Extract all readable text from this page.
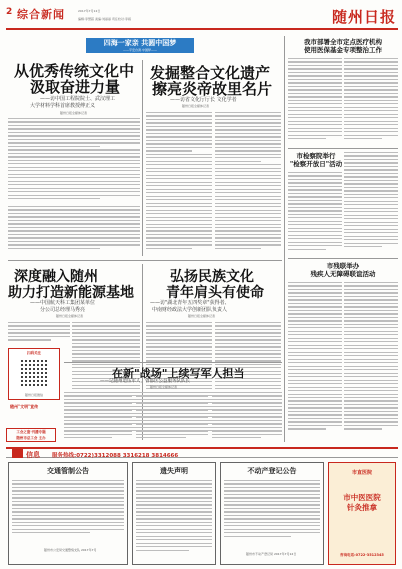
2 综合新闻	2017年7月12日
编辑:李慧超 美编:刘丽丽 责任校对:李娟	随州日报
四海一家亲 共圆中国梦
——平安台湾·中国梦——
从优秀传统文化中
汲取奋进力量
——访中国工程院院士、武汉理工
大学材料学科首席教授傅正义
随州日报全媒体记者
发掘整合文化遗产
擦亮炎帝故里名片
——访省文化厅厅长 文化学者
随州日报全媒体记者
我市部署全市定点医疗机构
使用医保基金专项整治工作
市检察院举行
"检察开放日"活动
市残联举办
残疾人无障碍联谊活动
深度融入随州
助力打造新能源基地
——中国航天科工集团某单位
分公司总经理马秀亮
随州日报全媒体记者
弘扬民族文化
青年肩头有使命
——访"湖北青年五四奖章"获得者、
中南财经政法大学创新团队负责人
随州日报全媒体记者
扫码关注
随州日报微信
随州"文明"宣传
工会之窗·刊播专题
随州市总工会 主办
信息 服务热线:0722)3312088 3316218 3814666
交通管制公告
随州市公安局交通警察支队 2017年7月
遗失声明	不动产登记公告
随州市不动产登记局 2017年7月12日
市直医院
市中医医院
针灸推拿
咨询电话:0722-3512345
在新"战场"上续写军人担当
——记随州退伍军人、曾都区公益服务队队长
随州日报全媒体记者
